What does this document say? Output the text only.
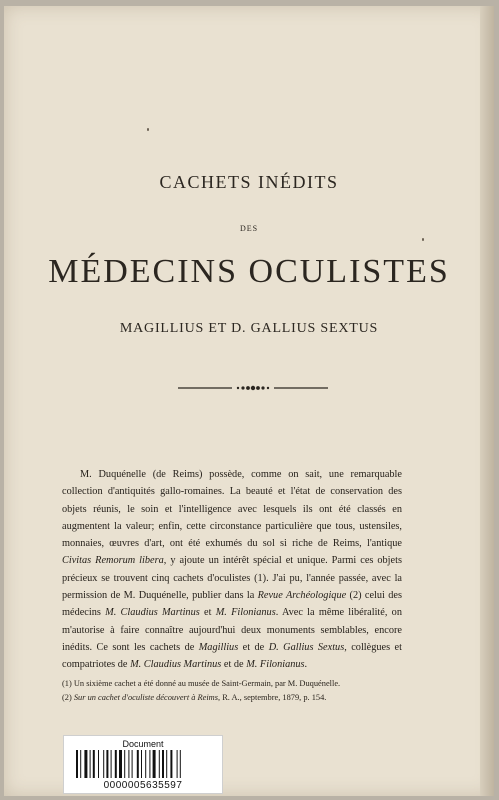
CACHETS INÉDITS
DES
MÉDECINS OCULISTES
MAGILLIUS ET D. GALLIUS SEXTUS

M. Duquénelle (de Reims) possède, comme on sait, une remarquable collection d'antiquités gallo-romaines. La beauté et l'état de conservation des objets réunis, le soin et l'intelligence avec lesquels ils ont été classés en augmentent la valeur; enfin, cette circonstance particulière que tous, ustensiles, monnaies, œuvres d'art, ont été exhumés du sol si riche de Reims, l'antique Civitas Remorum libera, y ajoute un intérêt spécial et unique. Parmi ces objets précieux se trouvent cinq cachets d'oculistes (1). J'ai pu, l'année passée, avec la permission de M. Duquénelle, publier dans la Revue Archéologique (2) celui des médecins M. Claudius Martinus et M. Filonianus. Avec la même libéralité, on m'autorise à faire connaître aujourd'hui deux monuments semblables, encore inédits. Ce sont les cachets de Magillius et de D. Gallius Sextus, collègues et compatriotes de M. Claudius Martinus et de M. Filonianus.

(1) Un sixième cachet a été donné au musée de Saint-Germain, par M. Duquénelle.

(2) Sur un cachet d'oculiste découvert à Reims, R. A., septembre, 1879, p. 154.

Document
0000005635597
